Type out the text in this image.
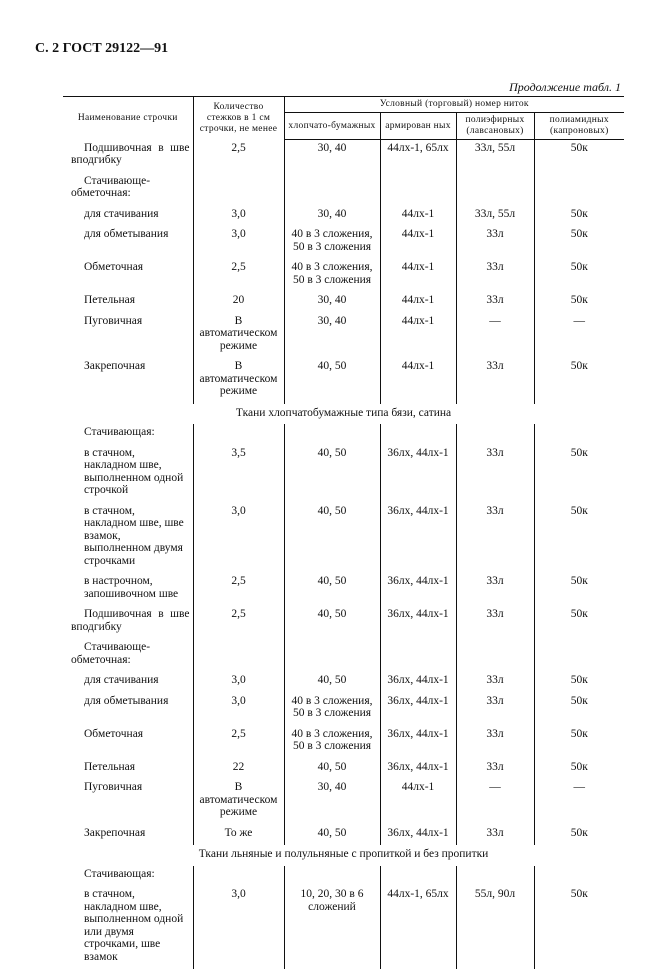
С. 2 ГОСТ 29122—91
Продолжение табл. 1
Наименование строчки	Количество стежков в 1 см строчки, не менее	Условный (торговый) номер ниток			
		хлопчато-бумажных	армирован ных	полиэфирных (лавсановых)	полиамидных (капроновых)
Подшивочная в шве вподгибку	2,5	30, 40	44лх-1, 65лх	33л, 55л	50к
Стачивающе-обметочная:					
для стачивания	3,0	30, 40	44лх-1	33л, 55л	50к
для обметывания	3,0	40 в 3 сложения, 50 в 3 сложения	44лх-1	33л	50к
Обметочная	2,5	40 в 3 сложения, 50 в 3 сложения	44лх-1	33л	50к
Петельная	20	30, 40	44лх-1	33л	50к
Пуговичная	В автоматическом режиме	30, 40	44лх-1	—	—
Закрепочная	В автоматическом режиме	40, 50	44лх-1	33л	50к
Ткани хлопчатобумажные типа бязи, сатина					
Стачивающая:					
в стачном, накладном шве, выполненном одной строчкой	3,5	40, 50	36лх, 44лх-1	33л	50к
в стачном, накладном шве, шве взамок, выполненном двумя строчками	3,0	40, 50	36лх, 44лх-1	33л	50к
в настрочном, запошивочном шве	2,5	40, 50	36лх, 44лх-1	33л	50к
Подшивочная в шве вподгибку	2,5	40, 50	36лх, 44лх-1	33л	50к
Стачивающе-обметочная:					
для стачивания	3,0	40, 50	36лх, 44лх-1	33л	50к
для обметывания	3,0	40 в 3 сложения, 50 в 3 сложения	36лх, 44лх-1	33л	50к
Обметочная	2,5	40 в 3 сложения, 50 в 3 сложения	36лх, 44лх-1	33л	50к
Петельная	22	40, 50	36лх, 44лх-1	33л	50к
Пуговичная	В автоматическом режиме	30, 40	44лх-1	—	—
Закрепочная	То же	40, 50	36лх, 44лх-1	33л	50к
Ткани льняные и полульняные с пропиткой и без пропитки					
Стачивающая:					
в стачном, накладном шве, выполненном одной или двумя строчками, шве взамок	3,0	10, 20, 30 в 6 сложений	44лх-1, 65лх	55л, 90л	50к
